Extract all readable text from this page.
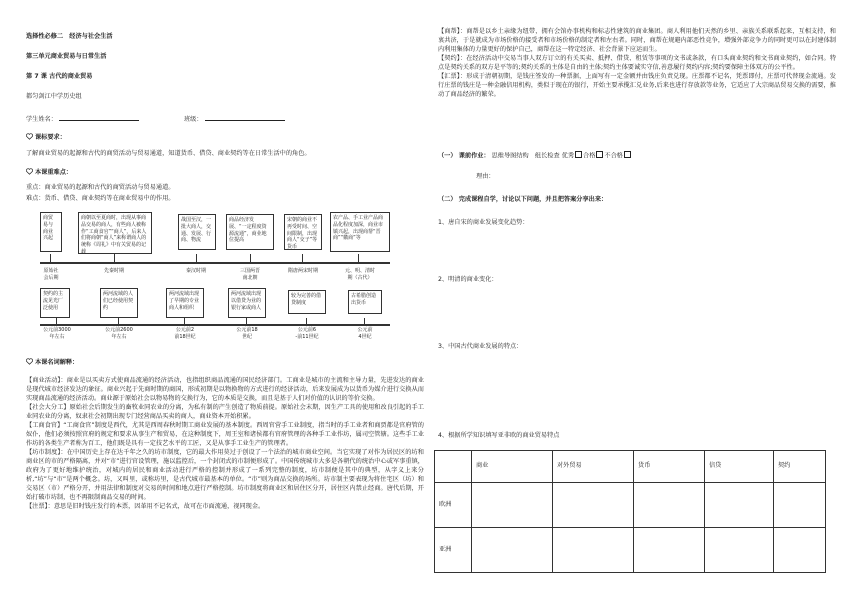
选择性必修二　经济与社会生活
第三单元商业贸易与日常生活
第 7 课 古代的商业贸易
都匀剑江中学历史组
学生姓名：	班级：
课标要求：
了解商业贸易的起源和古代的商贸活动与贸易通道，知道货币、借贷、商业契约等在日常生活中的角色。
本课重难点：
重点：商业贸易的起源和古代的商贸活动与贸易通道。
难点：货币、借贷、商业契约等在商业贸易中的作用。
商贸
易与
商业
兴起
商朝以至夏商时，出现从事商品交易的商人，有些商人被称作“工商食官”“商人”，后来人们将商朝“商人”来称谓商人的统称《周礼》中有关贸易的记载
战国至汉，一批大商人，交通、发展、行商、物流
商品经济发展、“一定程度资源流通”，商业地位提高
宋朝的商业不再受时间、空间限制，出现商人“交子”等货币
农产品、手工业产品商品化程度加深，商业市镇兴起，出现商帮“晋商”“徽商”等
原始社
会后期
先秦时期	秦汉时期	三国两晋
南北朝
隋唐两宋时期	元、明、清时
期（古代）
契约的主流见光厂泛使用
两河流域的人们已经使用契约
两河流域出现了早期的专业商人和组织
两河流域出现以借贷为业的银行家或商人
较为完善的借贷制度
古希腊创造出货币
公元前3000
年左右
公元前2600
年左右
公元前2
前18世纪
公元前18
世纪
公元前6
-前11世纪
公元前
4世纪
本课名词解释：
【商业活动】：商业是以买卖方式使商品流通的经济活动，也指组织商品流通的国民经济部门。工商业是城市的主流和主导力量，先进发达的商业是现代城市经济发达的象征。商业兴起于先商时期的商国，形成初期是以物换物的方式进行的经济活动，后来发展成为以货币为媒介进行交换从而实现商品流通的经济活动。商业源于原始社会以物易物的交换行为，它的本质是交换，而且是基于人们对价值的认识的等价交换。
【社会大分工】原始社会后期发生的畜牧业同农业的分离，为私有制的产生创造了物质前提。原始社会末期，因生产工具的使用和改良引起的手工业同农业的分离，奴隶社会初期出现专门经营商品买卖的商人，商业资本开始积累。
【工商食官】“工商食官”制度是西代，尤其是西周春秋时期工商业发展的基本制度。西周官营手工业制度，指当时的手工业者和商贾都是官府管的奴仆，他们必须按照官府的规定和要求从事生产和贸易，在这种制度下，周王室和诸侯都有官府管理的各种手工业作坊，属司空管辖。这些手工业作坊的各类生产者称为百工，他们既是具有一定技艺水平的工匠，又是从事手工业生产的管理者。
【坊市制度】：在中国历史上存在达千年之久的坊市制度，它的最大作用莫过于创设了一个法治的城市商业空间。当它实现了对作为居民区的坊和商业区的市的严格隔离，并对“市”进行官设管理，施以监控后，一个封闭式的市制便形成了。中国传统城市大多是各朝代的统治中心或军事重镇，政府为了更好地维护统治，对城内的居民和商业活动进行严格的控制并形成了一系列完整的制度，坊市制便是其中的典型，从字义上来分析,“坊”与“市”是两个概念。坊，又叫里，或称坊里，是古代城市最基本的单位。“市”则为商品交换的场所。坊市制主要表现为将住宅区（坊）和交易区（市）严格分开，并用法律和制度对交易的时间和地点进行严格控制。坊市制度将商业区和居住区分开，居住区内禁止经商。唐代后期，开始打破市坊制，也不再限制商品交易的时间。
【注票】：意思是旧时钱庄发行的本票，因革用不记名式，故可在市面流通，视同现金。
【商帮】：商帮是以乡土亲缘为纽带，拥有会馆办事机构和标志性建筑的商业集团。商人利用他们天然的乡里、亲族关系联系起来，互相支持，和衷共济，于是就成为市场价格的接受者和市场价格的制定者和左右者。同时，商帮在规避内部恶性竞争，增强外部竞争力的同时更可以在封建体制内利用集体的力量更好的保护自己，商帮在这一特定经济、社会背景下应运而生。
【契约】：在经济活动中交易当事人双方订立的有关买卖、抵押、借贷、租赁等事项的文书或条款，有口头商业契约和文书商业契约，如合同。特点是契约关系的双方是平等的;契约关系的主体是自由的主体;契约主体要诚实守信,善意履行契约内容;契约要保障主体双方的公平性。
【汇票】：形成于清朝初期，是钱庄签发的一种票据，上面写有一定金额并由钱庄负责兑现。庄票都不记名，凭票即付，庄票可代替现金流通。发行庄票的钱庄是一种金融信用机构，类似于现在的银行，开始主要承揽汇兑业务,后来也进行存放款等业务，它适应了大宗商品贸易交换的需要，推动了商品经济的繁荣。
（一） 课前作业： 思维导图结构　组长检查 优秀 合格 不合格
理由：
（二） 完成课程自学，讨论以下问题，并且把答案分享出来：
1、唐自宋的商业发展变化趋势：
2、明清的商业变化：
3、中国古代商业发展的特点：
4、根据所学知识填写亚非欧的商业贸易特点
	商业	对外贸易	货币	信贷	契约
欧洲					
亚洲					
